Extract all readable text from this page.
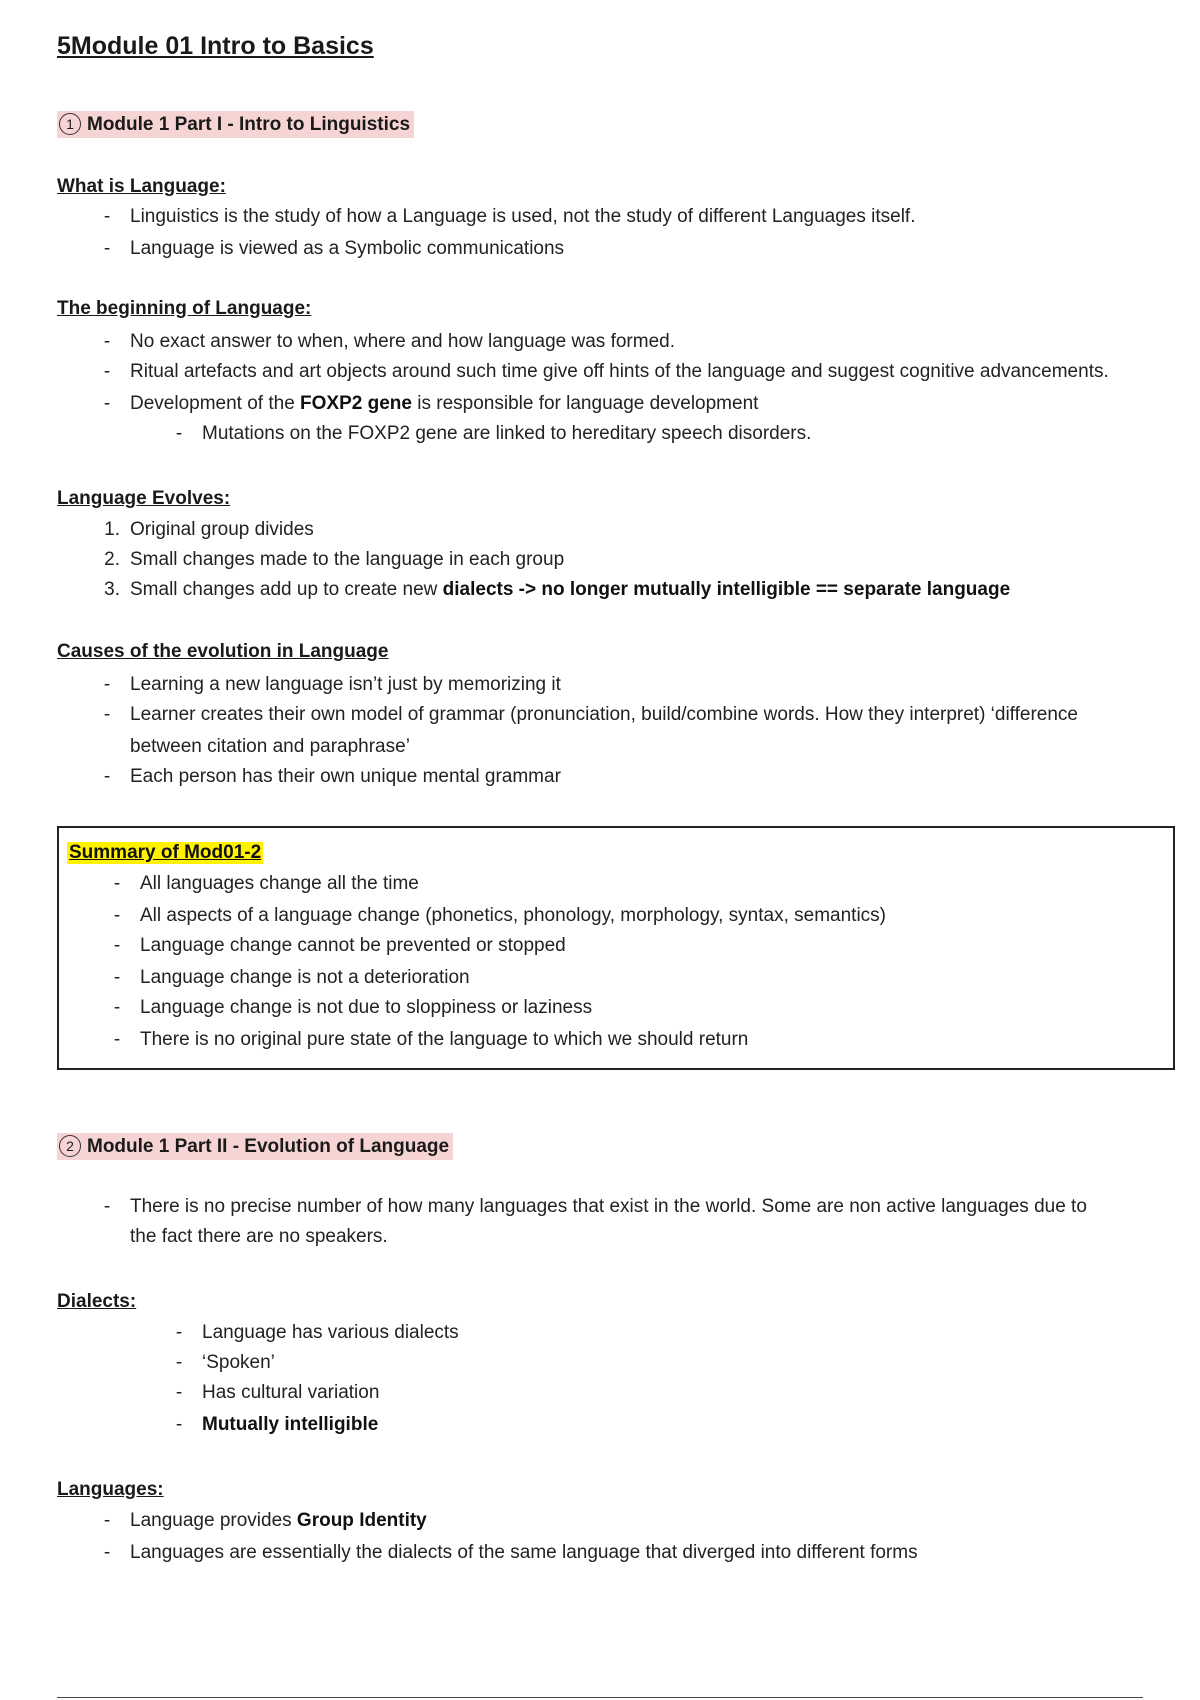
5Module 01 Intro to Basics
1 Module 1 Part I - Intro to Linguistics
What is Language:
-	Linguistics is the study of how a Language is used, not the study of different Languages itself.
-	Language is viewed as a Symbolic communications
The beginning of Language:
-	No exact answer to when, where and how language was formed.
-	Ritual artefacts and art objects around such time give off hints of the language and suggest cognitive advancements.
-	Development of the FOXP2 gene is responsible for language development
-	Mutations on the FOXP2 gene are linked to hereditary speech disorders.
Language Evolves:
1. Original group divides
2. Small changes made to the language in each group
3. Small changes add up to create new dialects -> no longer mutually intelligible == separate language
Causes of the evolution in Language
-	Learning a new language isn’t just by memorizing it
-	Learner creates their own model of grammar (pronunciation, build/combine words. How they interpret) ‘difference
between citation and paraphrase’
-	Each person has their own unique mental grammar
Summary of Mod01-2
-	All languages change all the time
-	All aspects of a language change (phonetics, phonology, morphology, syntax, semantics)
-	Language change cannot be prevented or stopped
-	Language change is not a deterioration
-	Language change is not due to sloppiness or laziness
-	There is no original pure state of the language to which we should return
2 Module 1 Part II - Evolution of Language
-	There is no precise number of how many languages that exist in the world. Some are non active languages due to
the fact there are no speakers.
Dialects:
-	Language has various dialects
-	‘Spoken’
-	Has cultural variation
-	Mutually intelligible
Languages:
-	Language provides Group Identity
-	Languages are essentially the dialects of the same language that diverged into different forms
